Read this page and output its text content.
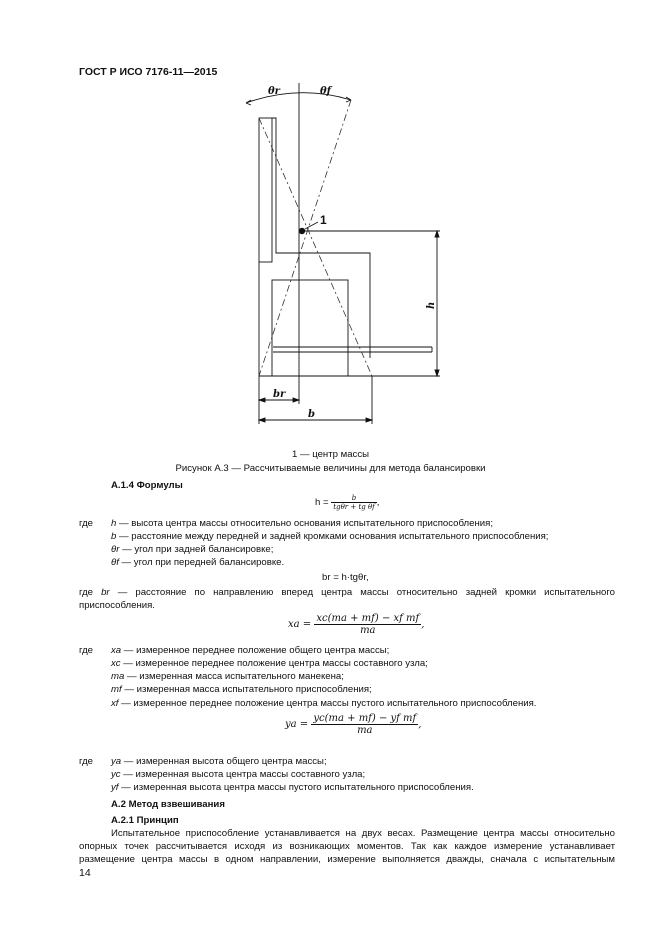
ГОСТ Р ИСО 7176-11—2015
θr	θf
h
br
b
1
1 — центр массы
Рисунок А.3 — Рассчитываемые величины для метода балансировки
А.1.4 Формулы
$h = \frac{b}{\text{tgθr + tg θf}}$ ,
где h — высота центра массы относительно основания испытательного приспособления;
b — расстояние между передней и задней кромками основания испытательного приспособления;
θr — угол при задней балансировке;
θf — угол при передней балансировке.
br = h·tgθr,
где br — расстояние по направлению вперед центра массы относительно задней кромки испытательного
приспособления.
xa = $\frac{\text{xc(ma + mf) − xf mf}}{ma}$ ,
где xa — измеренное переднее положение общего центра массы;
xc — измеренное переднее положение центра массы составного узла;
ma — измеренная масса испытательного манекена;
mf — измеренная масса испытательного приспособления;
xf — измеренное переднее положение центра массы пустого испытательного приспособления.
ya = $\frac{\text{yc(ma + mf) − yf mf}}{ma}$ ,
где ya — измеренная высота общего центра массы;
yc — измеренная высота центра массы составного узла;
yf — измеренная высота центра массы пустого испытательного приспособления.
А.2 Метод взвешивания
А.2.1 Принцип
Испытательное приспособление устанавливается на двух весах. Размещение центра массы относительно
опорных точек рассчитывается исходя из возникающих моментов. Так как каждое измерение устанавливает
размещение центра массы в одном направлении, измерение выполняется дважды, сначала с испытательным
14
